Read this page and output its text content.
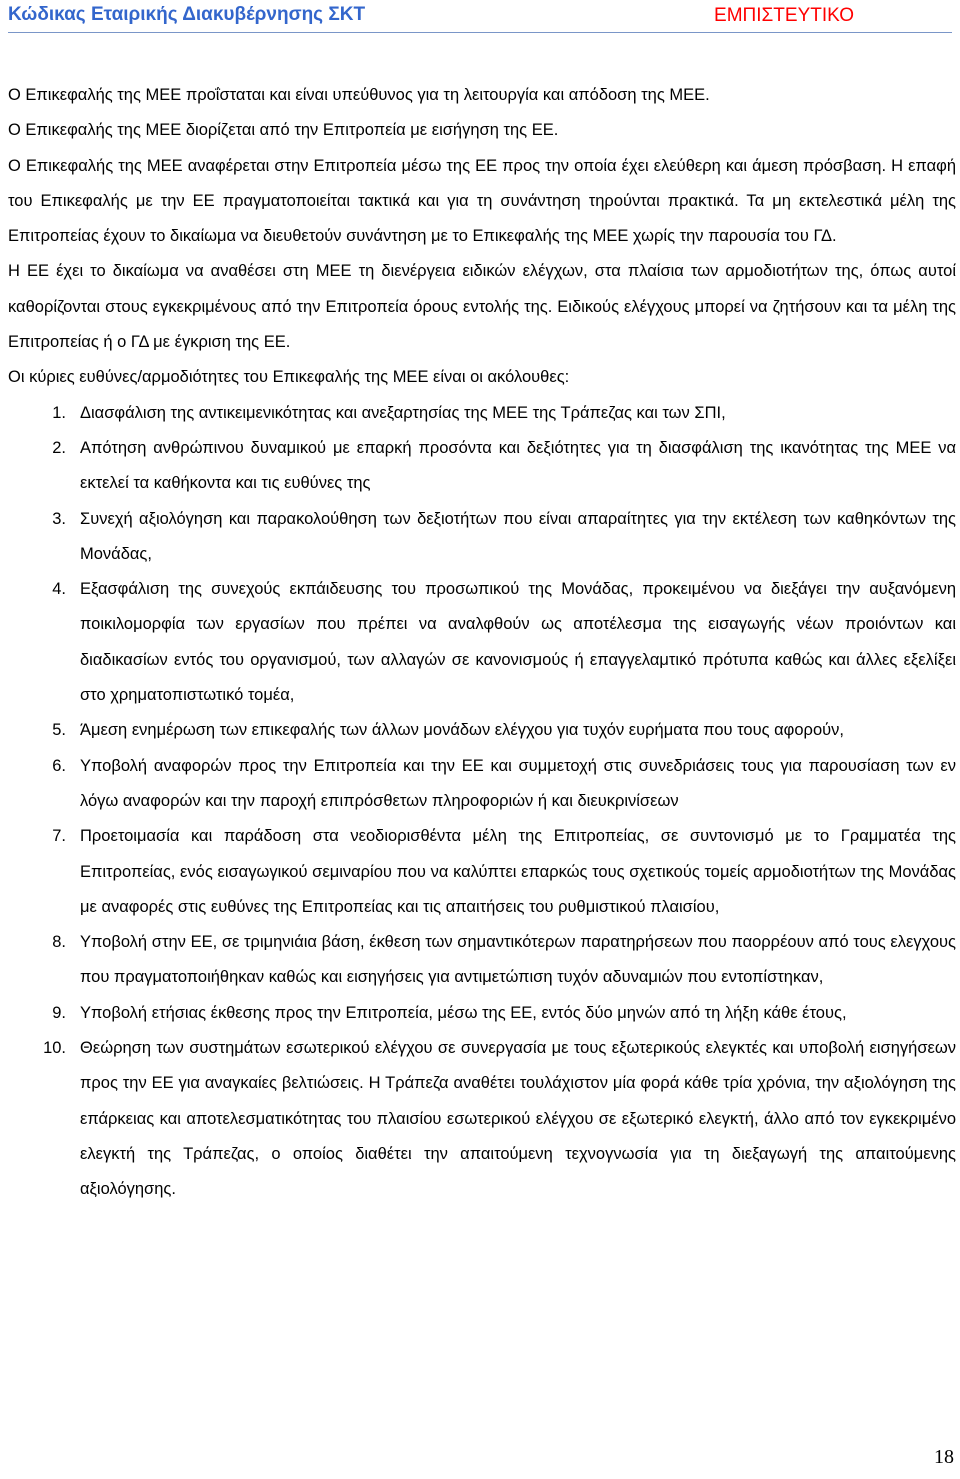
Κώδικας Εταιρικής Διακυβέρνησης ΣΚΤ	ΕΜΠΙΣΤΕΥΤΙΚΟ

Ο Επικεφαλής της ΜΕΕ προΐσταται και είναι υπεύθυνος για τη λειτουργία και απόδοση της ΜΕΕ.

Ο Επικεφαλής της ΜΕΕ διορίζεται από την Επιτροπεία με εισήγηση της ΕΕ.

Ο Επικεφαλής της ΜΕΕ αναφέρεται στην Επιτροπεία μέσω της ΕΕ προς την οποία έχει ελεύθερη και άμεση πρόσβαση. Η επαφή του Επικεφαλής με την ΕΕ πραγματοποιείται τακτικά και για τη συνάντηση τηρούνται πρακτικά. Τα μη εκτελεστικά μέλη της Επιτροπείας έχουν το δικαίωμα να διευθετούν συνάντηση με το Επικεφαλής της ΜΕΕ χωρίς την παρουσία του ΓΔ.

Η ΕΕ έχει το δικαίωμα να αναθέσει στη ΜΕΕ τη διενέργεια ειδικών ελέγχων, στα πλαίσια των αρμοδιοτήτων της, όπως αυτοί καθορίζονται στους εγκεκριμένους από την Επιτροπεία όρους εντολής της. Ειδικούς ελέγχους μπορεί να ζητήσουν και τα μέλη της Επιτροπείας ή ο ΓΔ με έγκριση της ΕΕ.

Οι κύριες ευθύνες/αρμοδιότητες του Επικεφαλής της ΜΕΕ είναι οι ακόλουθες:

1. Διασφάλιση της αντικειμενικότητας και ανεξαρτησίας της ΜΕΕ της Τράπεζας και των ΣΠΙ,
2. Απότηση ανθρώπινου δυναμικού με επαρκή προσόντα και δεξιότητες για τη διασφάλιση της ικανότητας της ΜΕΕ να εκτελεί τα καθήκοντα και τις ευθύνες της
3. Συνεχή αξιολόγηση και παρακολούθηση των δεξιοτήτων που είναι απαραίτητες για την εκτέλεση των καθηκόντων της Μονάδας,
4. Εξασφάλιση της συνεχούς εκπάιδευσης του προσωπικού της Μονάδας, προκειμένου να διεξάγει την αυξανόμενη ποικιλομορφία των εργασίων που πρέπει να αναλφθούν ως αποτέλεσμα της εισαγωγής νέων προιόντων και διαδικασίων εντός του οργανισμού, των αλλαγών σε κανονισμούς ή επαγγελαμτικό πρότυπα καθώς και άλλες εξελίξει στο χρηματοπιστωτικό τομέα,
5. Άμεση ενημέρωση των επικεφαλής των άλλων μονάδων ελέγχου για τυχόν ευρήματα που τους αφορούν,
6. Υποβολή αναφορών προς την Επιτροπεία και την ΕΕ και συμμετοχή στις συνεδριάσεις τους για παρουσίαση των εν λόγω αναφορών και την παροχή επιπρόσθετων πληροφοριών ή και διευκρινίσεων
7. Προετοιμασία και παράδοση στα νεοδιορισθέντα μέλη της Επιτροπείας, σε συντονισμό με το Γραμματέα της Επιτροπείας, ενός εισαγωγικού σεμιναρίου που να καλύπτει επαρκώς τους σχετικούς τομείς αρμοδιοτήτων της Μονάδας με αναφορές στις ευθύνες της Επιτροπείας και τις απαιτήσεις του ρυθμιστικού πλαισίου,
8. Υποβολή στην ΕΕ, σε τριμηνιάια βάση, έκθεση των σημαντικότερων παρατηρήσεων που παορρέουν από τους ελεγχους που πραγματοποιήθηκαν καθώς και εισηγήσεις για αντιμετώπιση τυχόν αδυναμιών που εντοπίστηκαν,
9. Υποβολή ετήσιας έκθεσης προς την Επιτροπεία, μέσω της ΕΕ, εντός δύο μηνών από τη λήξη κάθε έτους,
10. Θεώρηση των συστημάτων εσωτερικού ελέγχου σε συνεργασία με τους εξωτερικούς ελεγκτές και υποβολή εισηγήσεων προς την ΕΕ για αναγκαίες βελτιώσεις. Η Τράπεζα αναθέτει τουλάχιστον μία φορά κάθε τρία χρόνια, την αξιολόγηση της επάρκειας και αποτελεσματικότητας του πλαισίου εσωτερικού ελέγχου σε εξωτερικό ελεγκτή, άλλο από τον εγκεκριμένο ελεγκτή της Τράπεζας, ο οποίος διαθέτει την απαιτούμενη τεχνογνωσία για τη διεξαγωγή της απαιτούμενης αξιολόγησης.
18
